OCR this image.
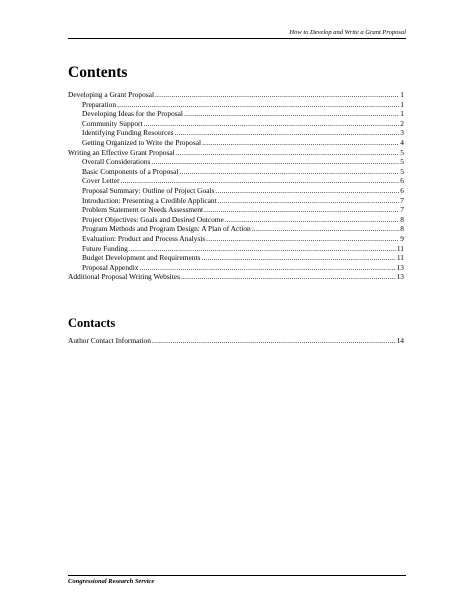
How to Develop and Write a Grant Proposal
Contents
Developing a Grant Proposal .....	1
Preparation .....	1
Developing Ideas for the Proposal .....	1
Community Support .....	2
Identifying Funding Resources .....	3
Getting Organized to Write the Proposal .....	4
Writing an Effective Grant Proposal .....	5
Overall Considerations .....	5
Basic Components of a Proposal .....	5
Cover Letter .....	6
Proposal Summary: Outline of Project Goals .....	6
Introduction: Presenting a Credible Applicant .....	7
Problem Statement or Needs Assessment .....	7
Project Objectives: Goals and Desired Outcome .....	8
Program Methods and Program Design: A Plan of Action .....	8
Evaluation: Product and Process Analysis .....	9
Future Funding .....	11
Budget Development and Requirements .....	11
Proposal Appendix .....	13
Additional Proposal Writing Websites .....	13
Contacts
Author Contact Information .....	14
Congressional Research Service
